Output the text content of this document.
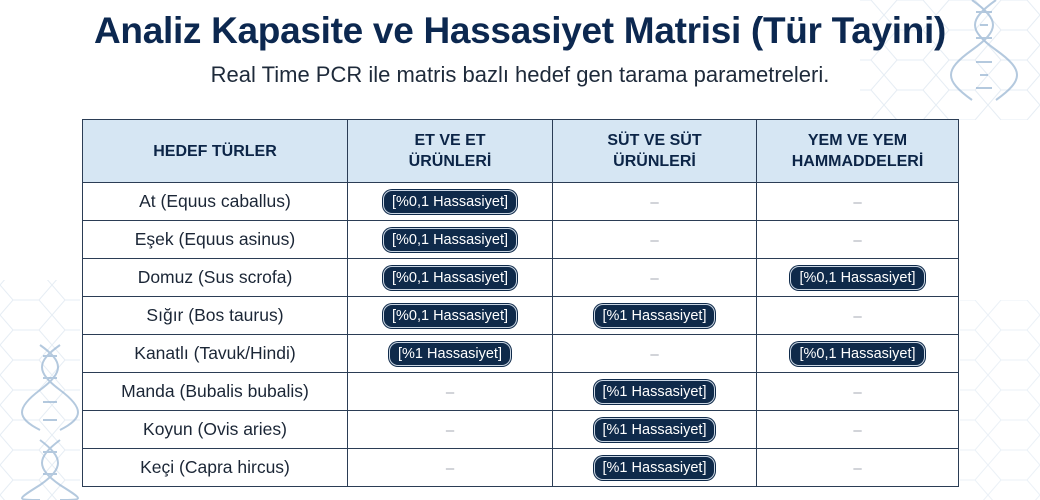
Analiz Kapasite ve Hassasiyet Matrisi (Tür Tayini)
Real Time PCR ile matris bazlı hedef gen tarama parametreleri.
HEDEF TÜRLER	ET VE ET ÜRÜNLERİ	SÜT VE SÜT ÜRÜNLERİ	YEM VE YEM HAMMADDELERİ
At (Equus caballus)	[%0,1 Hassasiyet]	–	–
Eşek (Equus asinus)	[%0,1 Hassasiyet]	–	–
Domuz (Sus scrofa)	[%0,1 Hassasiyet]	–	[%0,1 Hassasiyet]
Sığır (Bos taurus)	[%0,1 Hassasiyet]	[%1 Hassasiyet]	–
Kanatlı (Tavuk/Hindi)	[%1 Hassasiyet]	–	[%0,1 Hassasiyet]
Manda (Bubalis bubalis)	–	[%1 Hassasiyet]	–
Koyun (Ovis aries)	–	[%1 Hassasiyet]	–
Keçi (Capra hircus)	–	[%1 Hassasiyet]	–
